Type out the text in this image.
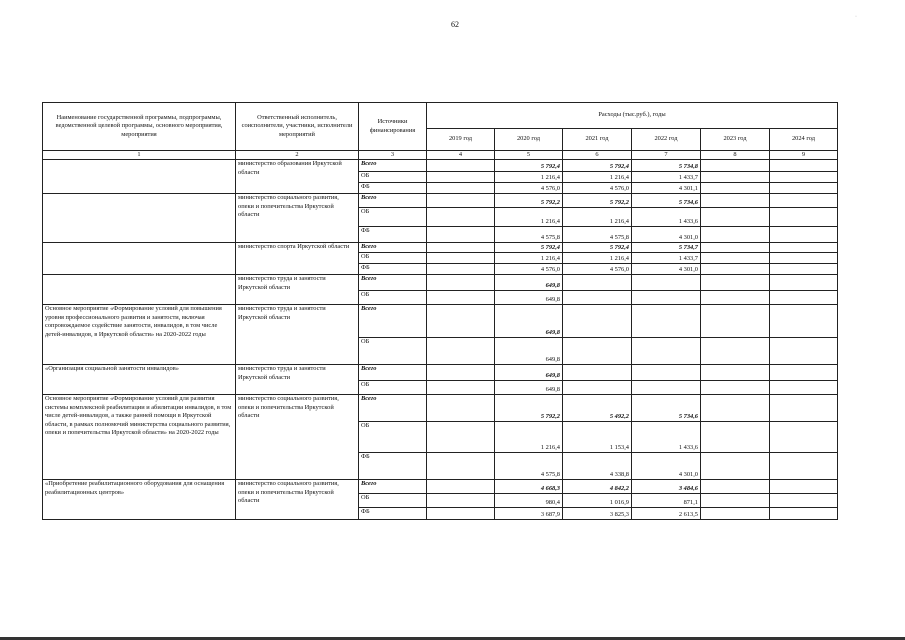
62
·
Наименование государственной программы, подпрограммы, ведомственной целевой программы, основного мероприятия, мероприятия	Ответственный исполнитель, соисполнители, участники, исполнители мероприятий	Источники финансирования	Расходы (тыс.руб.), годы					
			2019 год	2020 год	2021 год	2022 год	2023 год	2024 год
1	2	3	4	5	6	7	8	9
	министерство образования Иркутской области	Всего		5 792,4	5 792,4	5 734,8		
		ОБ		1 216,4	1 216,4	1 433,7		
		ФБ		4 576,0	4 576,0	4 301,1		
	министерство социального развития, опеки и попечительства Иркутской области	Всего		5 792,2	5 792,2	5 734,6		
		ОБ		1 216,4	1 216,4	1 433,6		
		ФБ		4 575,8	4 575,8	4 301,0		
	министерство спорта Иркутской области	Всего		5 792,4	5 792,4	5 734,7		
		ОБ		1 216,4	1 216,4	1 433,7		
		ФБ		4 576,0	4 576,0	4 301,0		
	министерство труда и занятости Иркутской области	Всего		649,8				
		ОБ		649,8				
Основное мероприятие «Формирование условий для повышения уровня профессионального развития и занятости, включая сопровождаемое содействие занятости, инвалидов, в том числе детей-инвалидов, в Иркутской области» на 2020-2022 годы	министерство труда и занятости Иркутской области	Всего		649,8				
		ОБ		649,8				
«Организация социальной занятости инвалидов»	министерство труда и занятости Иркутской области	Всего		649,8				
		ОБ		649,8				
Основное мероприятие «Формирование условий для развития системы комплексной реабилитации и абилитации инвалидов, в том числе детей-инвалидов, а также ранней помощи в Иркутской области, в рамках полномочий министерства социального развития, опеки и попечительства Иркутской области» на 2020-2022 годы	министерство социального развития, опеки и попечительства Иркутской области	Всего		5 792,2	5 492,2	5 734,6		
		ОБ		1 216,4	1 153,4	1 433,6		
		ФБ		4 575,8	4 338,8	4 301,0		
«Приобретение реабилитационного оборудования для оснащения реабилитационных центров»	министерство социального развития, опеки и попечительства Иркутской области	Всего		4 668,3	4 842,2	3 484,6		
		ОБ		980,4	1 016,9	871,1		
		ФБ		3 687,9	3 825,3	2 613,5		
